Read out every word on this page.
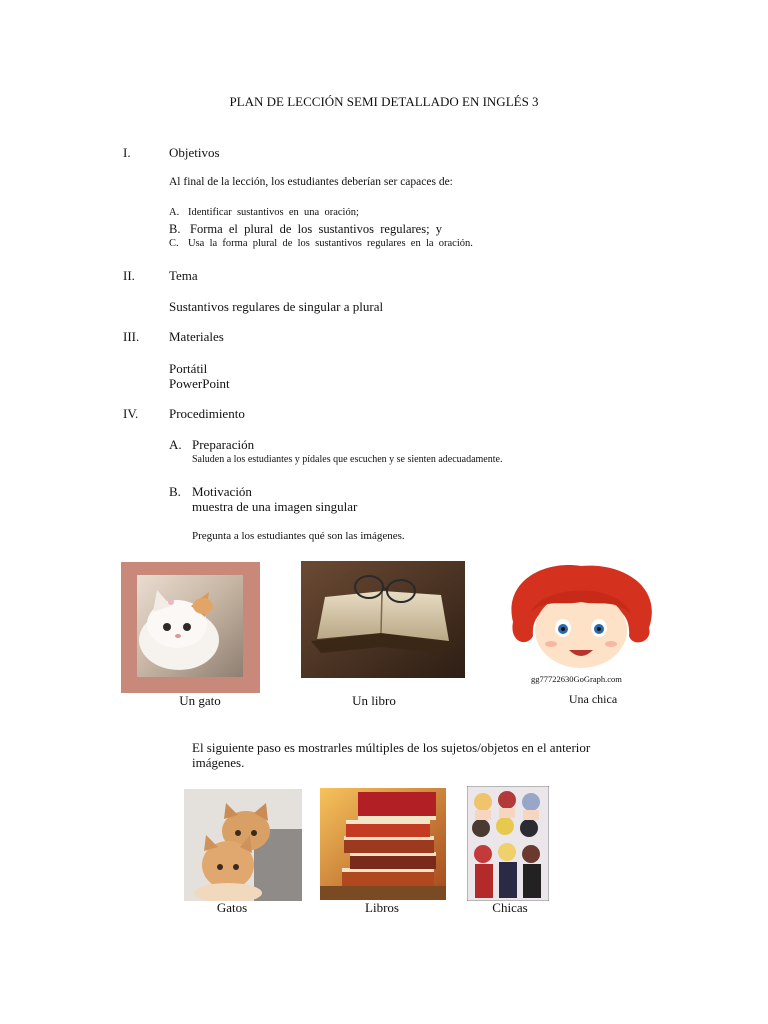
PLAN DE LECCIÓN SEMI DETALLADO EN INGLÉS 3
I.	Objetivos
Al final de la lección, los estudiantes deberían ser capaces de:
A. Identificar  sustantivos  en  una  oración;
B. Forma  el  plural  de  los  sustantivos  regulares;  y
C. Usa  la  forma  plural  de  los  sustantivos  regulares  en  la  oración.
II.	Tema
Sustantivos regulares de singular a plural
III. Materiales
Portátil
PowerPoint
IV. Procedimiento
A. Preparación
Saluden a los estudiantes y pídales que escuchen y se sienten adecuadamente.
B. Motivación
muestra de una imagen singular
Pregunta a los estudiantes qué son las imágenes.
gg77722630GoGraph.com
Un gato	Un libro	Una chica
El siguiente paso es mostrarles múltiples de los sujetos/objetos en el anterior
imágenes.
Gatos	Libros	Chicas
